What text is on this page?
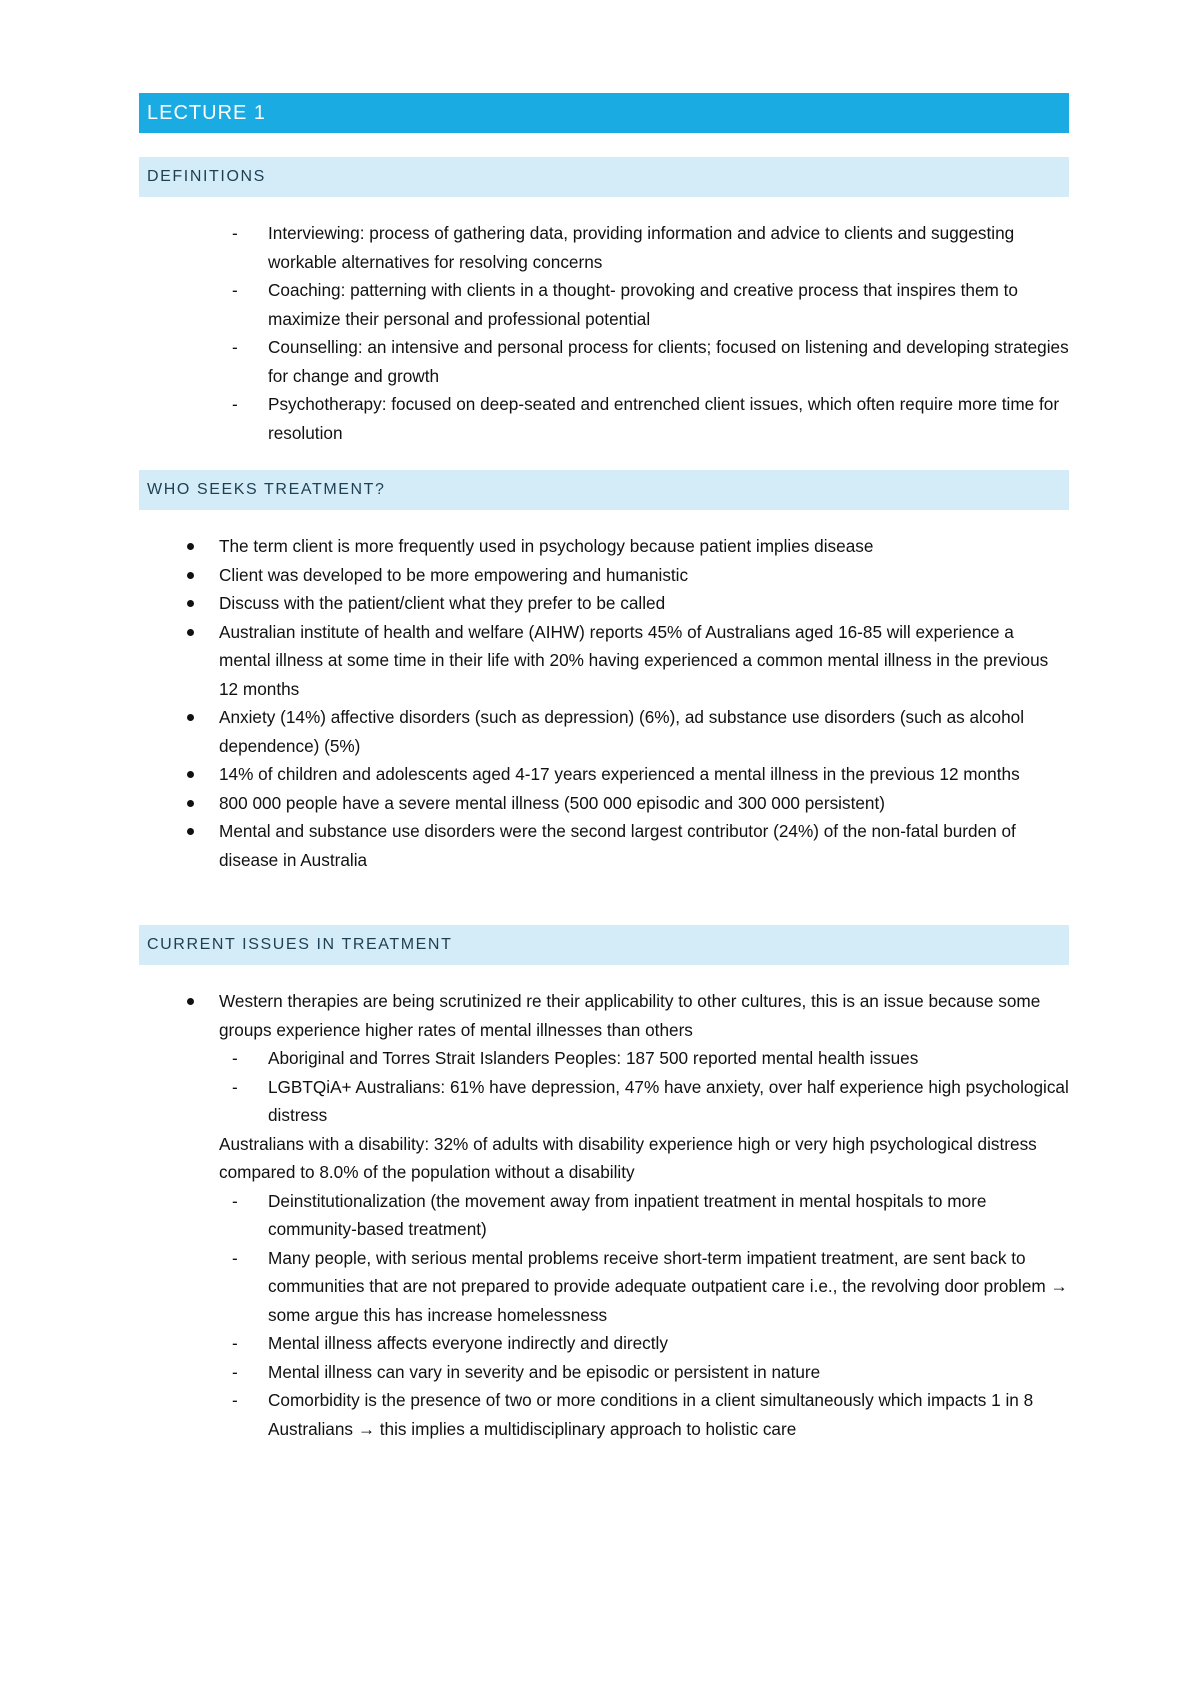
LECTURE 1
DEFINITIONS
- Interviewing: process of gathering data, providing information and advice to clients and suggesting workable alternatives for resolving concerns
- Coaching: patterning with clients in a thought- provoking and creative process that inspires them to maximize their personal and professional potential
- Counselling: an intensive and personal process for clients; focused on listening and developing strategies for change and growth
- Psychotherapy: focused on deep-seated and entrenched client issues, which often require more time for resolution
WHO SEEKS TREATMENT?
The term client is more frequently used in psychology because patient implies disease
Client was developed to be more empowering and humanistic
Discuss with the patient/client what they prefer to be called
Australian institute of health and welfare (AIHW) reports 45% of Australians aged 16-85 will experience a mental illness at some time in their life with 20% having experienced a common mental illness in the previous 12 months
Anxiety (14%) affective disorders (such as depression) (6%), ad substance use disorders (such as alcohol dependence) (5%)
14% of children and adolescents aged 4-17 years experienced a mental illness in the previous 12 months
800 000 people have a severe mental illness (500 000 episodic and 300 000 persistent)
Mental and substance use disorders were the second largest contributor (24%) of the non-fatal burden of disease in Australia
CURRENT ISSUES IN TREATMENT
Western therapies are being scrutinized re their applicability to other cultures, this is an issue because some groups experience higher rates of mental illnesses than others
- Aboriginal and Torres Strait Islanders Peoples: 187 500 reported mental health issues
- LGBTQiA+ Australians: 61% have depression, 47% have anxiety, over half experience high psychological distress
Australians with a disability: 32% of adults with disability experience high or very high psychological distress compared to 8.0% of the population without a disability
- Deinstitutionalization (the movement away from inpatient treatment in mental hospitals to more community-based treatment)
- Many people, with serious mental problems receive short-term impatient treatment, are sent back to communities that are not prepared to provide adequate outpatient care i.e., the revolving door problem → some argue this has increase homelessness
- Mental illness affects everyone indirectly and directly
- Mental illness can vary in severity and be episodic or persistent in nature
- Comorbidity is the presence of two or more conditions in a client simultaneously which impacts 1 in 8 Australians → this implies a multidisciplinary approach to holistic care
